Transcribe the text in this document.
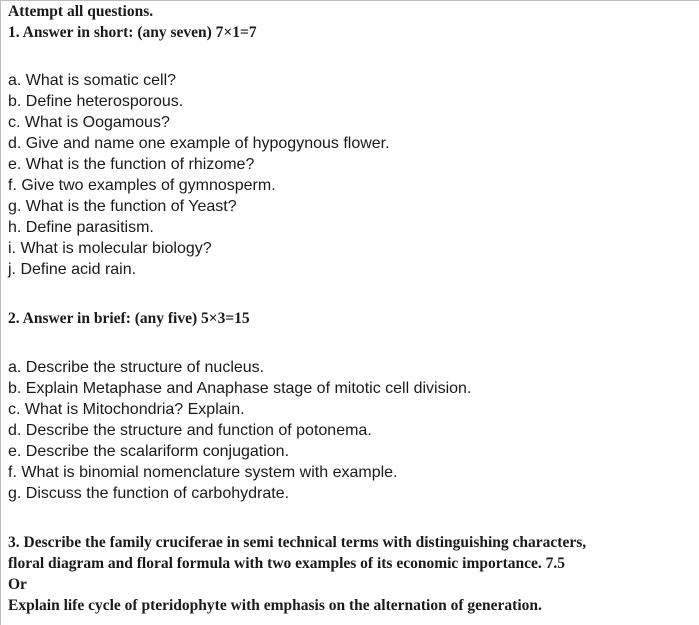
Attempt all questions.
1. Answer in short: (any seven) 7×1=7
a. What is somatic cell?
b. Define heterosporous.
c. What is Oogamous?
d. Give and name one example of hypogynous flower.
e. What is the function of rhizome?
f. Give two examples of gymnosperm.
g. What is the function of Yeast?
h. Define parasitism.
i. What is molecular biology?
j. Define acid rain.
2. Answer in brief: (any five) 5×3=15
a. Describe the structure of nucleus.
b. Explain Metaphase and Anaphase stage of mitotic cell division.
c. What is Mitochondria? Explain.
d. Describe the structure and function of potonema.
e. Describe the scalariform conjugation.
f. What is binomial nomenclature system with example.
g. Discuss the function of carbohydrate.
3. Describe the family cruciferae in semi technical terms with distinguishing characters,
floral diagram and floral formula with two examples of its economic importance. 7.5
Or
Explain life cycle of pteridophyte with emphasis on the alternation of generation.
